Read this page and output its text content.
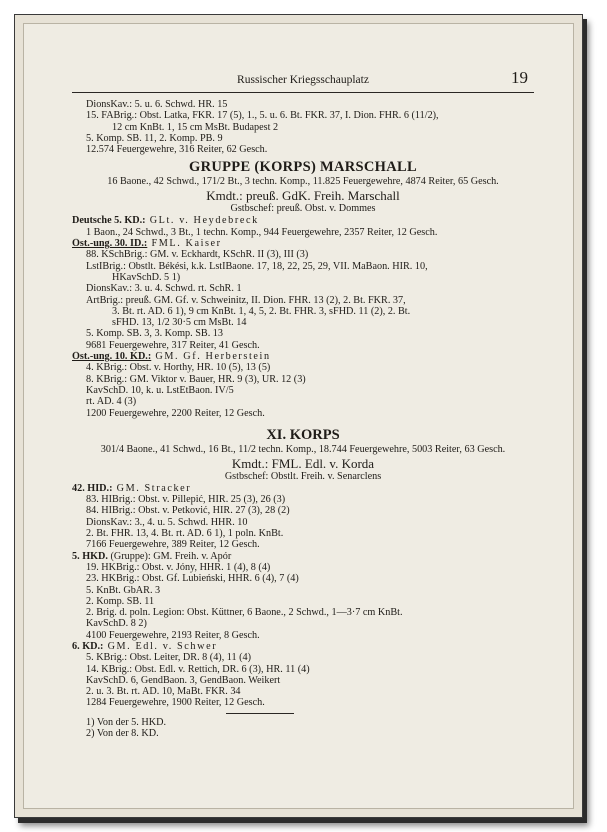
Russischer Kriegsschauplatz	19
DionsKav.: 5. u. 6. Schwd. HR. 15
15. FABrig.: Obst. Latka, FKR. 17 (5), 1., 5. u. 6. Bt. FKR. 37, I. Dion. FHR. 6 (11/2),
12 cm KnBt. 1, 15 cm MsBt. Budapest 2
5. Komp. SB. 11, 2. Komp. PB. 9
12.574 Feuergewehre, 316 Reiter, 62 Gesch.
GRUPPE (KORPS) MARSCHALL
16 Baone., 42 Schwd., 171/2 Bt., 3 techn. Komp., 11.825 Feuergewehre, 4874 Reiter, 65 Gesch.
Kmdt.: preuß. GdK. Freih. Marschall
Gstbschef: preuß. Obst. v. Dommes
Deutsche 5. KD.: GLt. v. Heydebreck
1 Baon., 24 Schwd., 3 Bt., 1 techn. Komp., 944 Feuergewehre, 2357 Reiter, 12 Gesch.
Öst.-ung. 30. ID.: FML. Kaiser
88. KSchBrig.: GM. v. Eckhardt, KSchR. II (3), III (3)
LstIBrig.: Obstlt. Békési, k.k. LstIBaone. 17, 18, 22, 25, 29, VII. MaBaon. HIR. 10,
HKavSchD. 5 1)
DionsKav.: 3. u. 4. Schwd. rt. SchR. 1
ArtBrig.: preuß. GM. Gf. v. Schweinitz, II. Dion. FHR. 13 (2), 2. Bt. FKR. 37,
3. Bt. rt. AD. 6 1), 9 cm KnBt. 1, 4, 5, 2. Bt. FHR. 3, sFHD. 11 (2), 2. Bt.
sFHD. 13, 1/2 30·5 cm MsBt. 14
5. Komp. SB. 3, 3. Komp. SB. 13
9681 Feuergewehre, 317 Reiter, 41 Gesch.
Öst.-ung. 10. KD.: GM. Gf. Herberstein
4. KBrig.: Obst. v. Horthy, HR. 10 (5), 13 (5)
8. KBrig.: GM. Viktor v. Bauer, HR. 9 (3), UR. 12 (3)
KavSchD. 10, k. u. LstEtBaon. IV/5
rt. AD. 4 (3)
1200 Feuergewehre, 2200 Reiter, 12 Gesch.
XI. KORPS
301/4 Baone., 41 Schwd., 16 Bt., 11/2 techn. Komp., 18.744 Feuergewehre, 5003 Reiter, 63 Gesch.
Kmdt.: FML. Edl. v. Korda
Gstbschef: Obstlt. Freih. v. Senarclens
42. HID.: GM. Stracker
83. HIBrig.: Obst. v. Pillepić, HIR. 25 (3), 26 (3)
84. HIBrig.: Obst. v. Petković, HIR. 27 (3), 28 (2)
DionsKav.: 3., 4. u. 5. Schwd. HHR. 10
2. Bt. FHR. 13, 4. Bt. rt. AD. 6 1), 1 poln. KnBt.
7166 Feuergewehre, 389 Reiter, 12 Gesch.
5. HKD. (Gruppe): GM. Freih. v. Apór
19. HKBrig.: Obst. v. Jóny, HHR. 1 (4), 8 (4)
23. HKBrig.: Obst. Gf. Lubieński, HHR. 6 (4), 7 (4)
5. KnBt. GbAR. 3
2. Komp. SB. 11
2. Brig. d. poln. Legion: Obst. Küttner, 6 Baone., 2 Schwd., 1—3·7 cm KnBt.
KavSchD. 8 2)
4100 Feuergewehre, 2193 Reiter, 8 Gesch.
6. KD.: GM. Edl. v. Schwer
5. KBrig.: Obst. Leiter, DR. 8 (4), 11 (4)
14. KBrig.: Obst. Edl. v. Rettich, DR. 6 (3), HR. 11 (4)
KavSchD. 6, GendBaon. 3, GendBaon. Weikert
2. u. 3. Bt. rt. AD. 10, MaBt. FKR. 34
1284 Feuergewehre, 1900 Reiter, 12 Gesch.
1) Von der 5. HKD.
2) Von der 8. KD.
